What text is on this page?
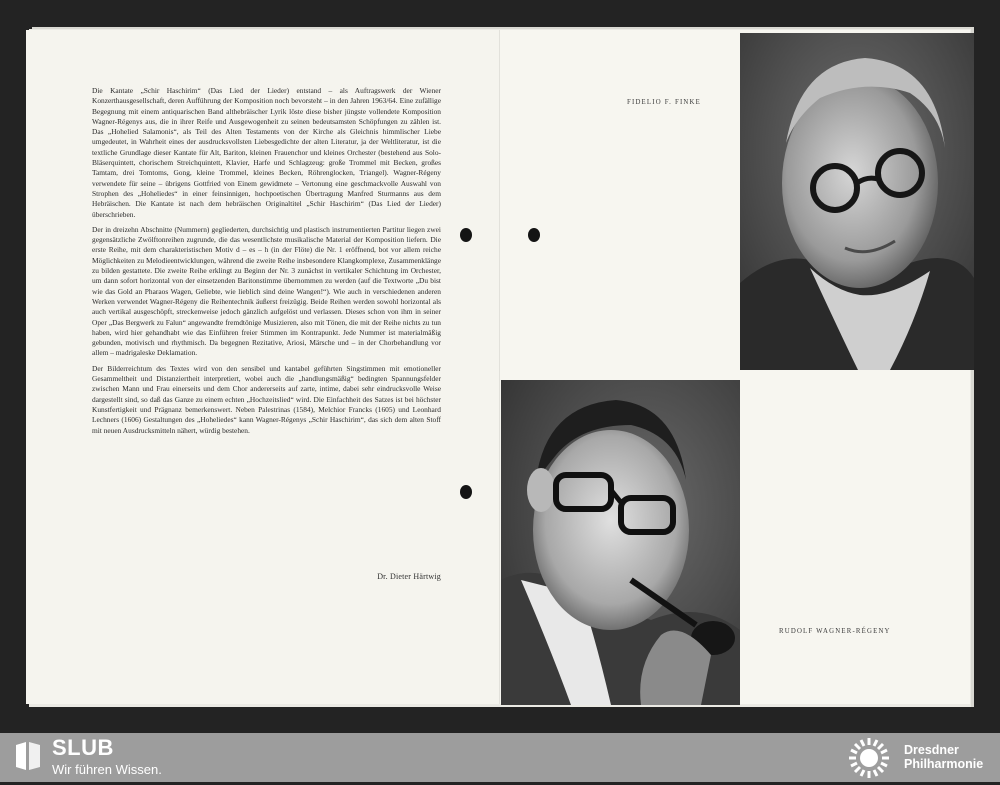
Die Kantate „Schir Haschirim“ (Das Lied der Lieder) entstand – als Auftragswerk der Wiener Konzerthausgesellschaft, deren Aufführung der Komposition noch bevorsteht – in den Jahren 1963/64. Eine zufällige Begegnung mit einem antiquarischen Band althebräischer Lyrik löste diese bisher jüngste vollendete Komposition Wagner-Régenys aus, die in ihrer Reife und Ausgewogenheit zu seinen bedeutsamsten Schöpfungen zu zählen ist. Das „Hohelied Salamonis“, als Teil des Alten Testaments von der Kirche als Gleichnis himmlischer Liebe umgedeutet, in Wahrheit eines der ausdrucksvollsten Liebesgedichte der alten Literatur, ja der Weltliteratur, ist die textliche Grundlage dieser Kantate für Alt, Bariton, kleinen Frauenchor und kleines Orchester (bestehend aus Solo-Bläserquintett, chorischem Streichquintett, Klavier, Harfe und Schlagzeug: große Trommel mit Becken, großes Tamtam, drei Tomtoms, Gong, kleine Trommel, kleines Becken, Röhrenglocken, Triangel). Wagner-Régeny verwendete für seine – übrigens Gottfried von Einem gewidmete – Vertonung eine geschmackvolle Auswahl von Strophen des „Hoheliedes“ in einer feinsinnigen, hochpoetischen Übertragung Manfred Sturmanns aus dem Hebräischen. Die Kantate ist nach dem hebräischen Originaltitel „Schir Haschirim“ (Das Lied der Lieder) überschrieben.

Der in dreizehn Abschnitte (Nummern) gegliederten, durchsichtig und plastisch instrumentierten Partitur liegen zwei gegensätzliche Zwölftonreihen zugrunde, die das wesentlichste musikalische Material der Komposition liefern. Die erste Reihe, mit dem charakteristischen Motiv d – es – h (in der Flöte) die Nr. 1 eröffnend, bot vor allem reiche Möglichkeiten zu Melodieentwicklungen, während die zweite Reihe insbesondere Klangkomplexe, Zusammenklänge zu bilden gestattete. Die zweite Reihe erklingt zu Beginn der Nr. 3 zunächst in vertikaler Schichtung im Orchester, um dann sofort horizontal von der einsetzenden Baritonstimme übernommen zu werden (auf die Textworte „Du bist wie das Gold an Pharaos Wagen, Geliebte, wie lieblich sind deine Wangen!“). Wie auch in verschiedenen anderen Werken verwendet Wagner-Régeny die Reihentechnik äußerst freizügig. Beide Reihen werden sowohl horizontal als auch vertikal ausgeschöpft, streckenweise jedoch gänzlich aufgelöst und verlassen. Dieses schon von ihm in seiner Oper „Das Bergwerk zu Falun“ angewandte fremdtönige Musizieren, also mit Tönen, die mit der Reihe nichts zu tun haben, wird hier gehandhabt wie das Einführen freier Stimmen im Kontrapunkt. Jede Nummer ist materialmäßig gebunden, motivisch und rhythmisch. Da begegnen Rezitative, Ariosi, Märsche und – in der Chorbehandlung vor allem – madrigaleske Deklamation.

Der Bilderreichtum des Textes wird von den sensibel und kantabel geführten Singstimmen mit emotioneller Gesammeltheit und Distanziertheit interpretiert, wobei auch die „handlungsmäßig“ bedingten Spannungsfelder zwischen Mann und Frau einerseits und dem Chor andererseits auf zarte, intime, dabei sehr eindrucksvolle Weise dargestellt sind, so daß das Ganze zu einem echten „Hochzeitslied“ wird. Die Einfachheit des Satzes ist bei höchster Kunstfertigkeit und Prägnanz bemerkenswert. Neben Palestrinas (1584), Melchior Francks (1605) und Leonhard Lechners (1606) Gestaltungen des „Hoheliedes“ kann Wagner-Régenys „Schir Haschirim“, das sich dem alten Stoff mit neuen Ausdrucksmitteln nähert, würdig bestehen.

Dr. Dieter Härtwig
FIDELIO F. FINKE
RUDOLF WAGNER-RÉGENY
SLUB
Wir führen Wissen.
Dresdner
Philharmonie
